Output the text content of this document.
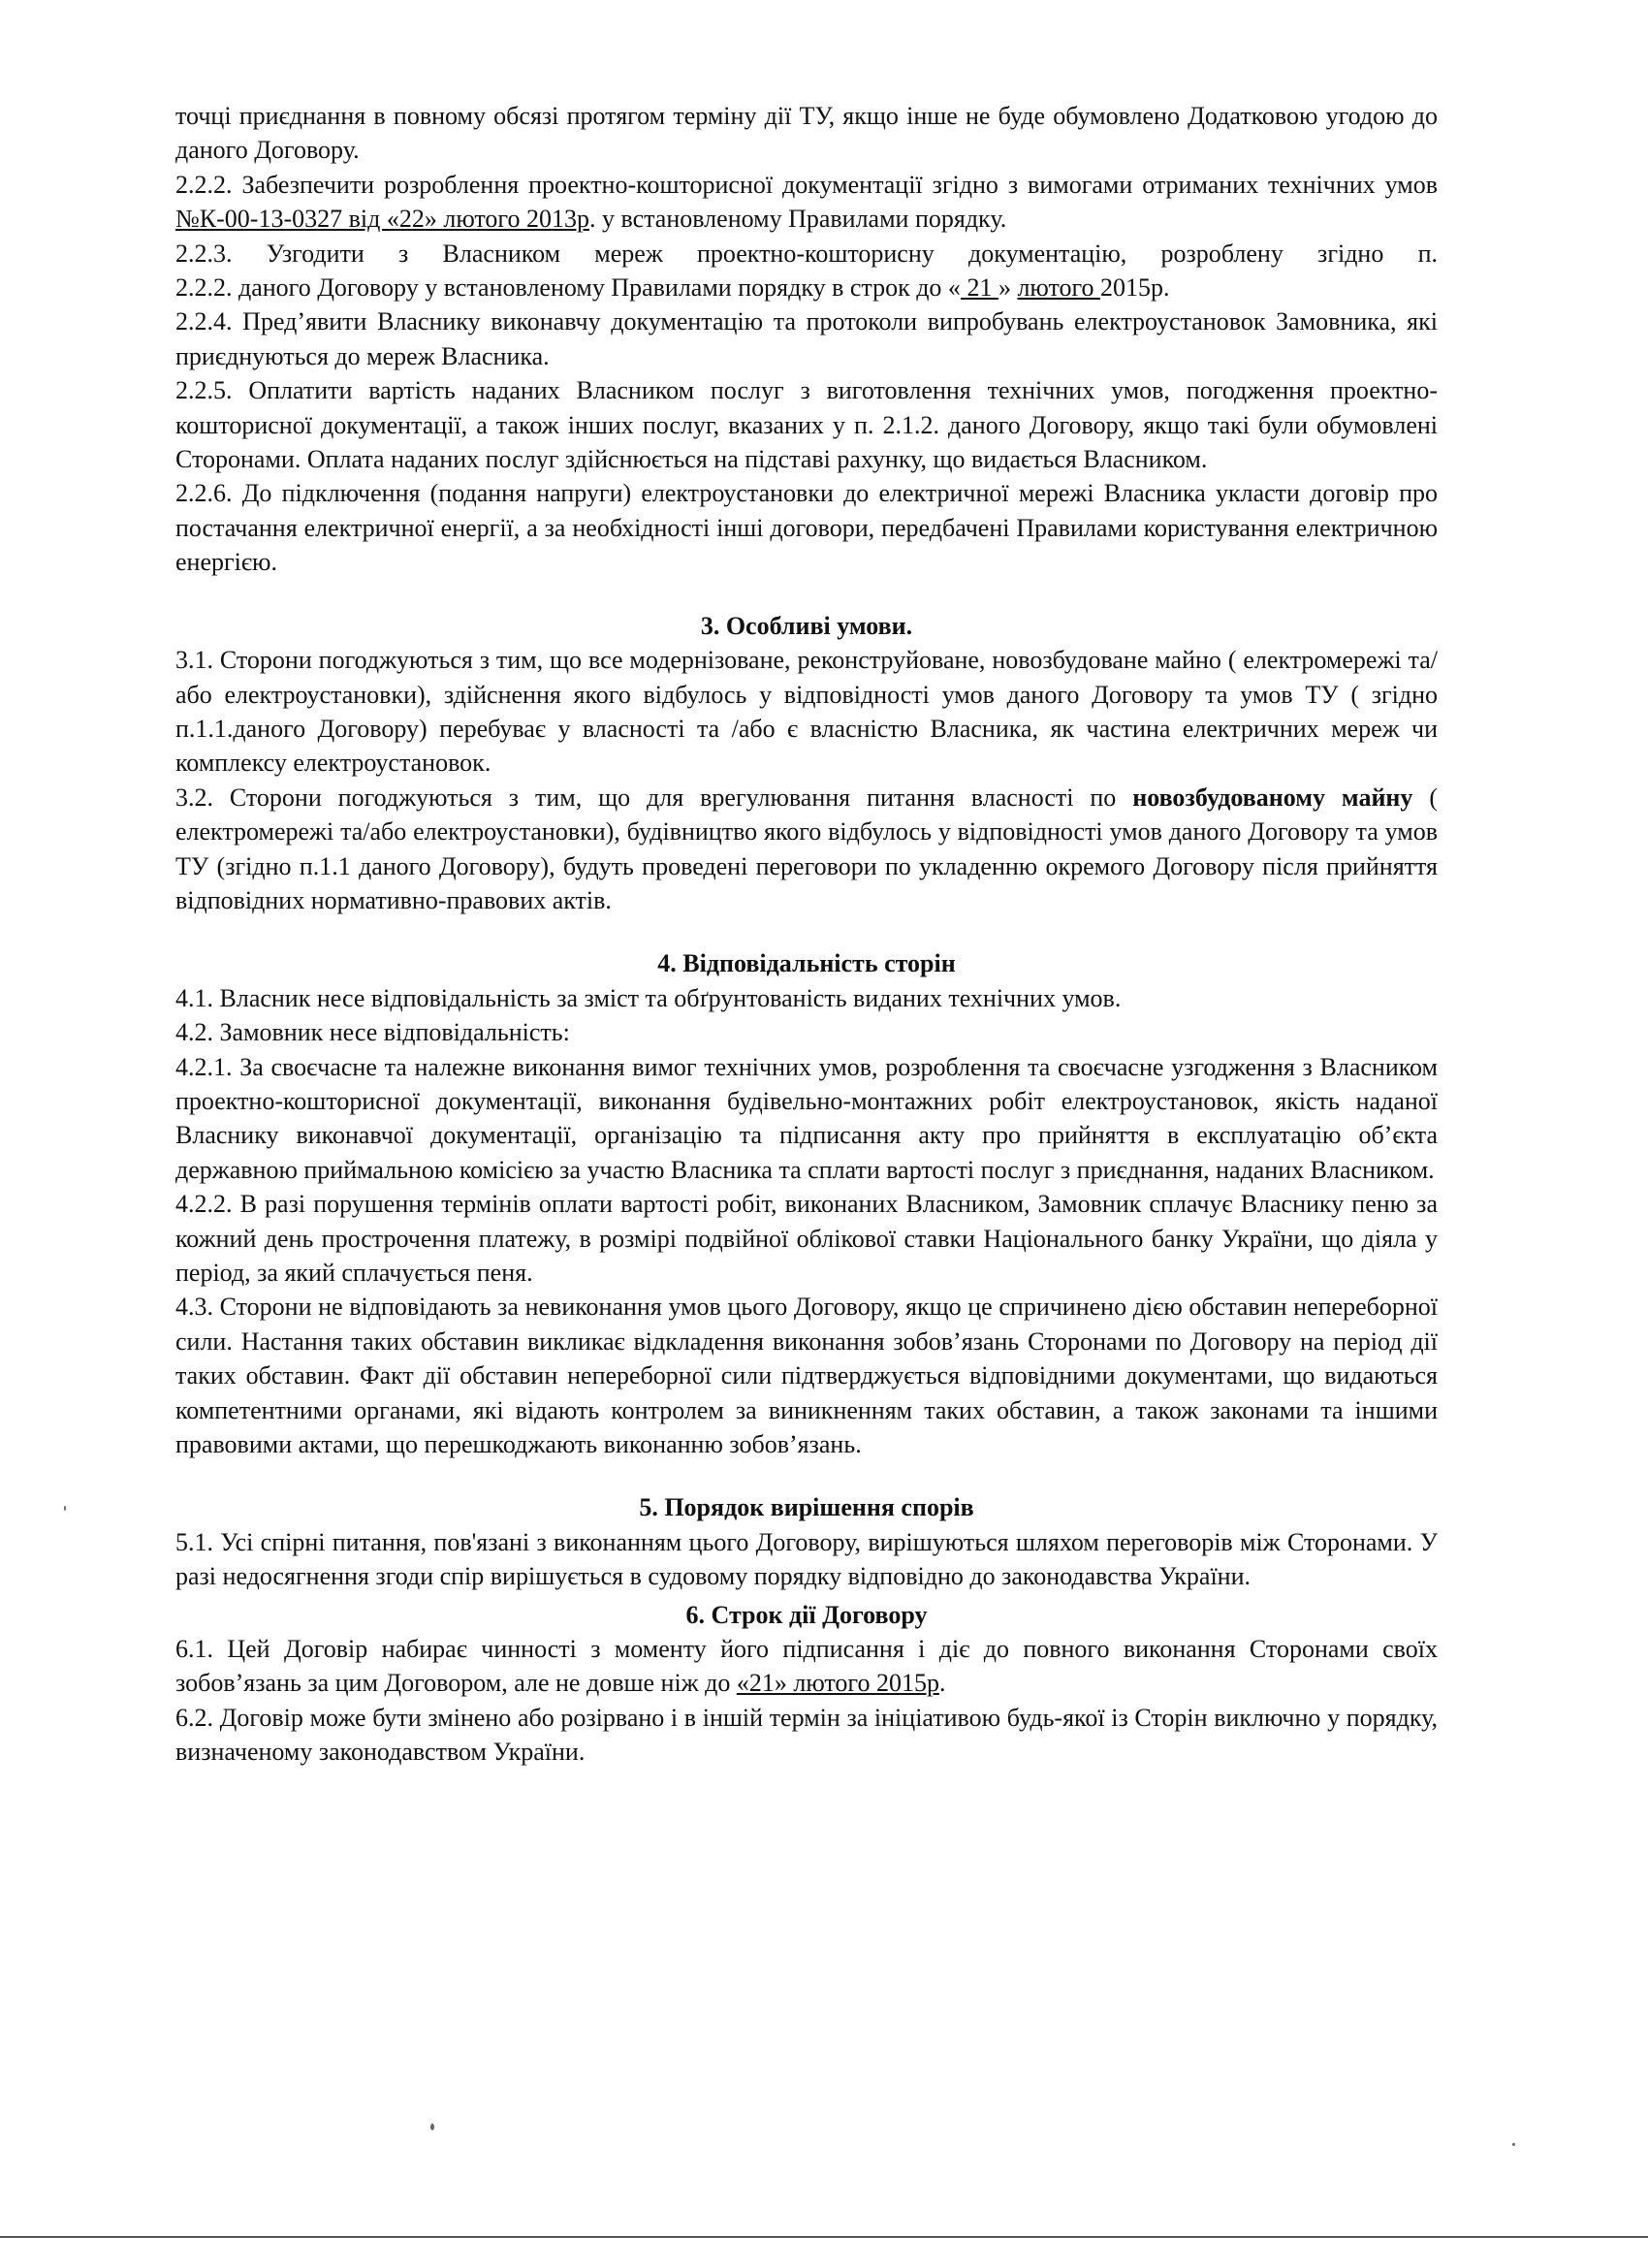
точці приєднання в повному обсязі протягом терміну дії ТУ, якщо інше не буде обумовлено Додатковою угодою до даного Договору.

2.2.2. Забезпечити розроблення проектно-кошторисної документації згідно з вимогами отриманих технічних умов №К-00-13-0327 від «22» лютого 2013р. у встановленому Правилами порядку.

2.2.3. Узгодити з Власником мереж проектно-кошторисну документацію, розроблену згідно п.
2.2.2. даного Договору у встановленому Правилами порядку в строк до « 21 » лютого 2015р.

2.2.4. Пред’явити Власнику виконавчу документацію та протоколи випробувань електроустановок Замовника, які приєднуються до мереж Власника.

2.2.5. Оплатити вартість наданих Власником послуг з виготовлення технічних умов, погодження проектно-кошторисної документації, а також інших послуг, вказаних у п. 2.1.2. даного Договору, якщо такі були обумовлені Сторонами. Оплата наданих послуг здійснюється на підставі рахунку, що видається Власником.

2.2.6. До підключення (подання напруги) електроустановки до електричної мережі Власника укласти договір про постачання електричної енергії, а за необхідності інші договори, передбачені Правилами користування електричною енергією.

3. Особливі умови.

3.1. Сторони погоджуються з тим, що все модернізоване, реконструйоване, новозбудоване майно ( електромережі та/або електроустановки), здійснення якого відбулось у відповідності умов даного Договору та умов ТУ ( згідно п.1.1.даного Договору) перебуває у власності та /або є власністю Власника, як частина електричних мереж чи комплексу електроустановок.

3.2. Сторони погоджуються з тим, що для врегулювання питання власності по новозбудованому майну ( електромережі та/або електроустановки), будівництво якого відбулось у відповідності умов даного Договору та умов ТУ (згідно п.1.1 даного Договору), будуть проведені переговори по укладенню окремого Договору після прийняття відповідних нормативно-правових актів.

4. Відповідальність сторін

4.1. Власник несе відповідальність за зміст та обґрунтованість виданих технічних умов.

4.2. Замовник несе відповідальність:

4.2.1. За своєчасне та належне виконання вимог технічних умов, розроблення та своєчасне узгодження з Власником проектно-кошторисної документації, виконання будівельно-монтажних робіт електроустановок, якість наданої Власнику виконавчої документації, організацію та підписання акту про прийняття в експлуатацію об’єкта державною приймальною комісією за участю Власника та сплати вартості послуг з приєднання, наданих Власником.

4.2.2. В разі порушення термінів оплати вартості робіт, виконаних Власником, Замовник сплачує Власнику пеню за кожний день прострочення платежу, в розмірі подвійної облікової ставки Національного банку України, що діяла у період, за який сплачується пеня.

4.3. Сторони не відповідають за невиконання умов цього Договору, якщо це спричинено дією обставин непереборної сили. Настання таких обставин викликає відкладення виконання зобов’язань Сторонами по Договору на період дії таких обставин. Факт дії обставин непереборної сили підтверджується відповідними документами, що видаються компетентними органами, які відають контролем за виникненням таких обставин, а також законами та іншими правовими актами, що перешкоджають виконанню зобов’язань.

5. Порядок вирішення спорів

5.1. Усі спірні питання, пов'язані з виконанням цього Договору, вирішуються шляхом переговорів між Сторонами. У разі недосягнення згоди спір вирішується в судовому порядку відповідно до законодавства України.

6. Строк дії Договору

6.1. Цей Договір набирає чинності з моменту його підписання і діє до повного виконання Сторонами своїх зобов’язань за цим Договором, але не довше ніж до «21» лютого 2015р.

6.2. Договір може бути змінено або розірвано і в іншій термін за ініціативою будь-якої із Сторін виключно у порядку, визначеному законодавством України.
